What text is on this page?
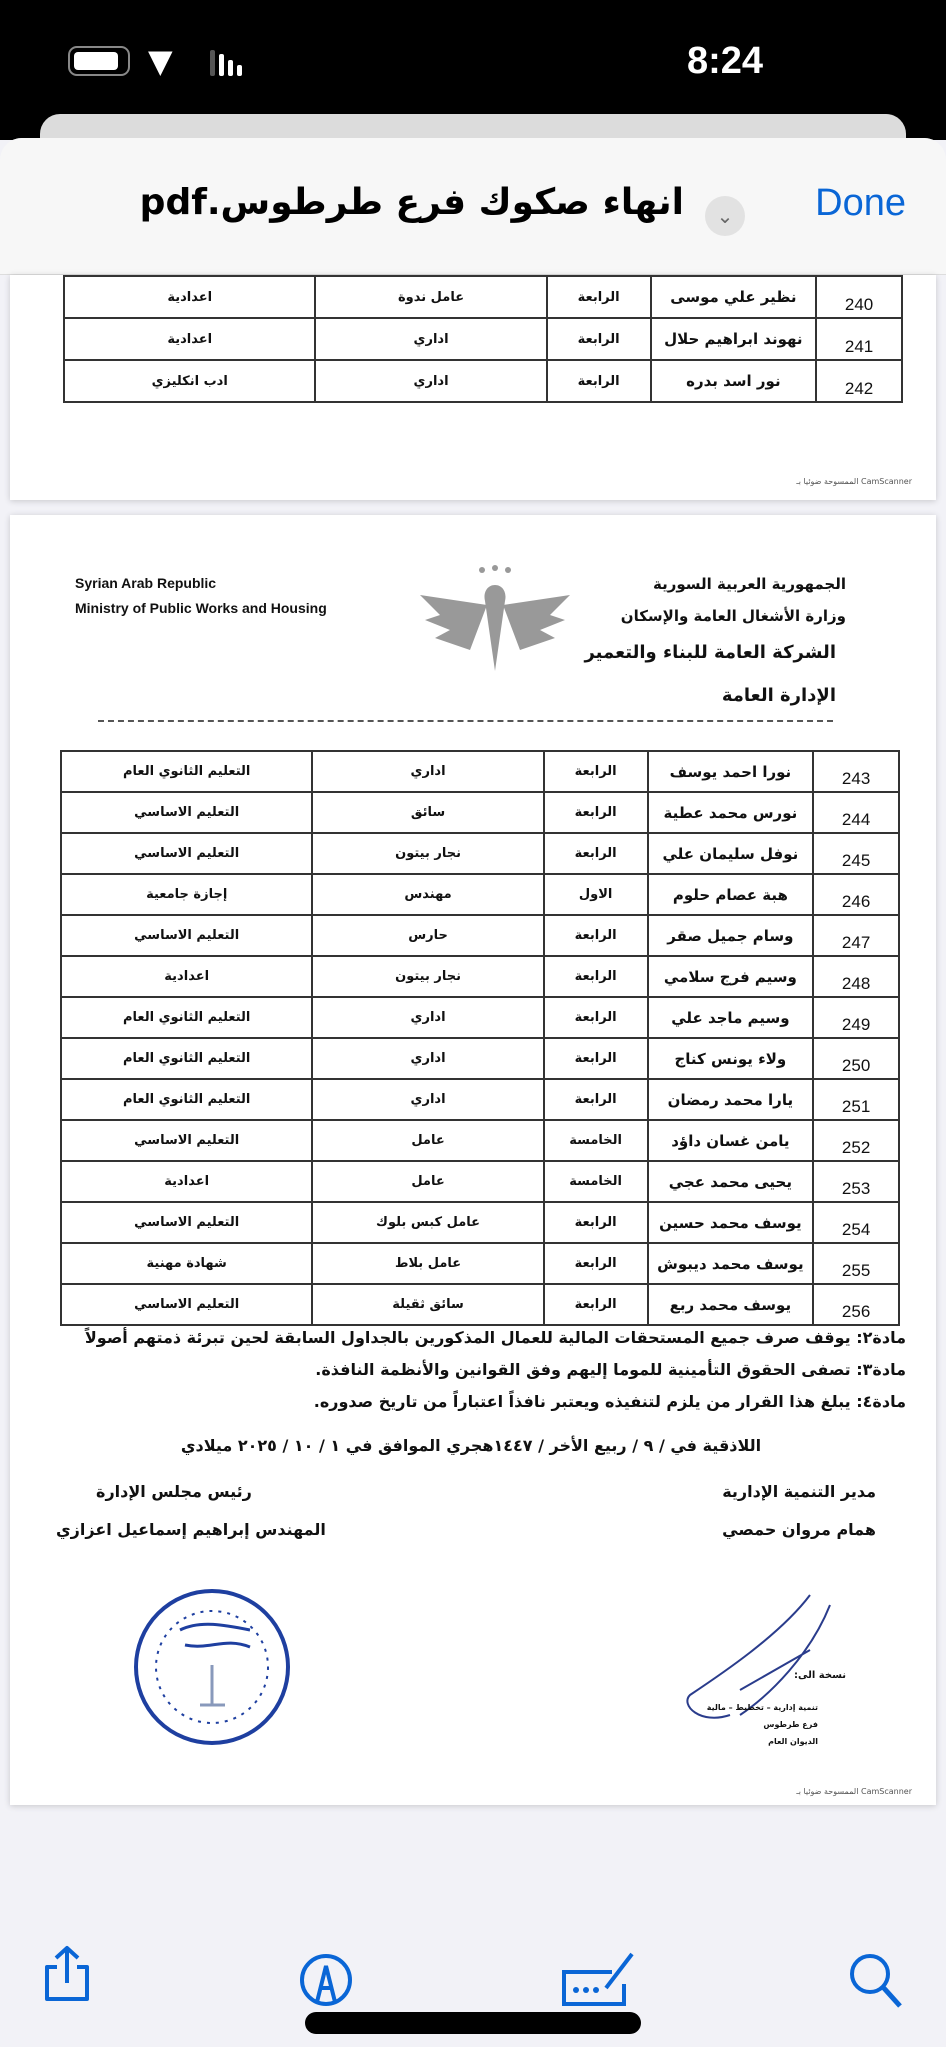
▼	8:24
انهاء صكوك فرع طرطوس.pdf	Done
⌄
240	نظير علي موسى	الرابعة	عامل ندوة	اعدادية
241	نهوند ابراهيم حلال	الرابعة	اداري	اعدادية
242	نور اسد بدره	الرابعة	اداري	ادب انكليزي
الممسوحة ضوئيا بـ CamScanner
Syrian Arab Republic
Ministry of Public Works and Housing
الجمهورية العربية السورية
وزارة الأشغال العامة والإسكان
الشركة العامة للبناء والتعمير
الإدارة العامة
243	نورا احمد يوسف	الرابعة	اداري	التعليم الثانوي العام
244	نورس محمد عطية	الرابعة	سائق	التعليم الاساسي
245	نوفل سليمان علي	الرابعة	نجار بيتون	التعليم الاساسي
246	هبة عصام حلوم	الاول	مهندس	إجازة جامعية
247	وسام جميل صقر	الرابعة	حارس	التعليم الاساسي
248	وسيم فرج سلامي	الرابعة	نجار بيتون	اعدادية
249	وسيم ماجد علي	الرابعة	اداري	التعليم الثانوي العام
250	ولاء يونس كناج	الرابعة	اداري	التعليم الثانوي العام
251	يارا محمد رمضان	الرابعة	اداري	التعليم الثانوي العام
252	يامن غسان داؤد	الخامسة	عامل	التعليم الاساسي
253	يحيى محمد عجي	الخامسة	عامل	اعدادية
254	يوسف محمد حسين	الرابعة	عامل كبس بلوك	التعليم الاساسي
255	يوسف محمد ديبوش	الرابعة	عامل بلاط	شهادة مهنية
256	يوسف محمد ربع	الرابعة	سائق ثقيلة	التعليم الاساسي
مادة٢: يوقف صرف جميع المستحقات المالية للعمال المذكورين بالجداول السابقة لحين تبرئة ذمتهم أصولاً
مادة٣: تصفى الحقوق التأمينية للموما إليهم وفق القوانين والأنظمة النافذة.
مادة٤: يبلغ هذا القرار من يلزم لتنفيذه ويعتبر نافذاً اعتباراً من تاريخ صدوره.
اللاذقية في / ٩ / ربيع الأخر / ١٤٤٧هجري الموافق في ١ / ١٠ / ٢٠٢٥ ميلادي
مدير التنمية الإدارية
رئيس مجلس الإدارة
همام مروان حمصي
المهندس إبراهيم إسماعيل اعزازي
نسخة الى:
تنمية إدارية – تخطيط – مالية
فرع طرطوس
الديوان العام
الممسوحة ضوئيا بـ CamScanner
